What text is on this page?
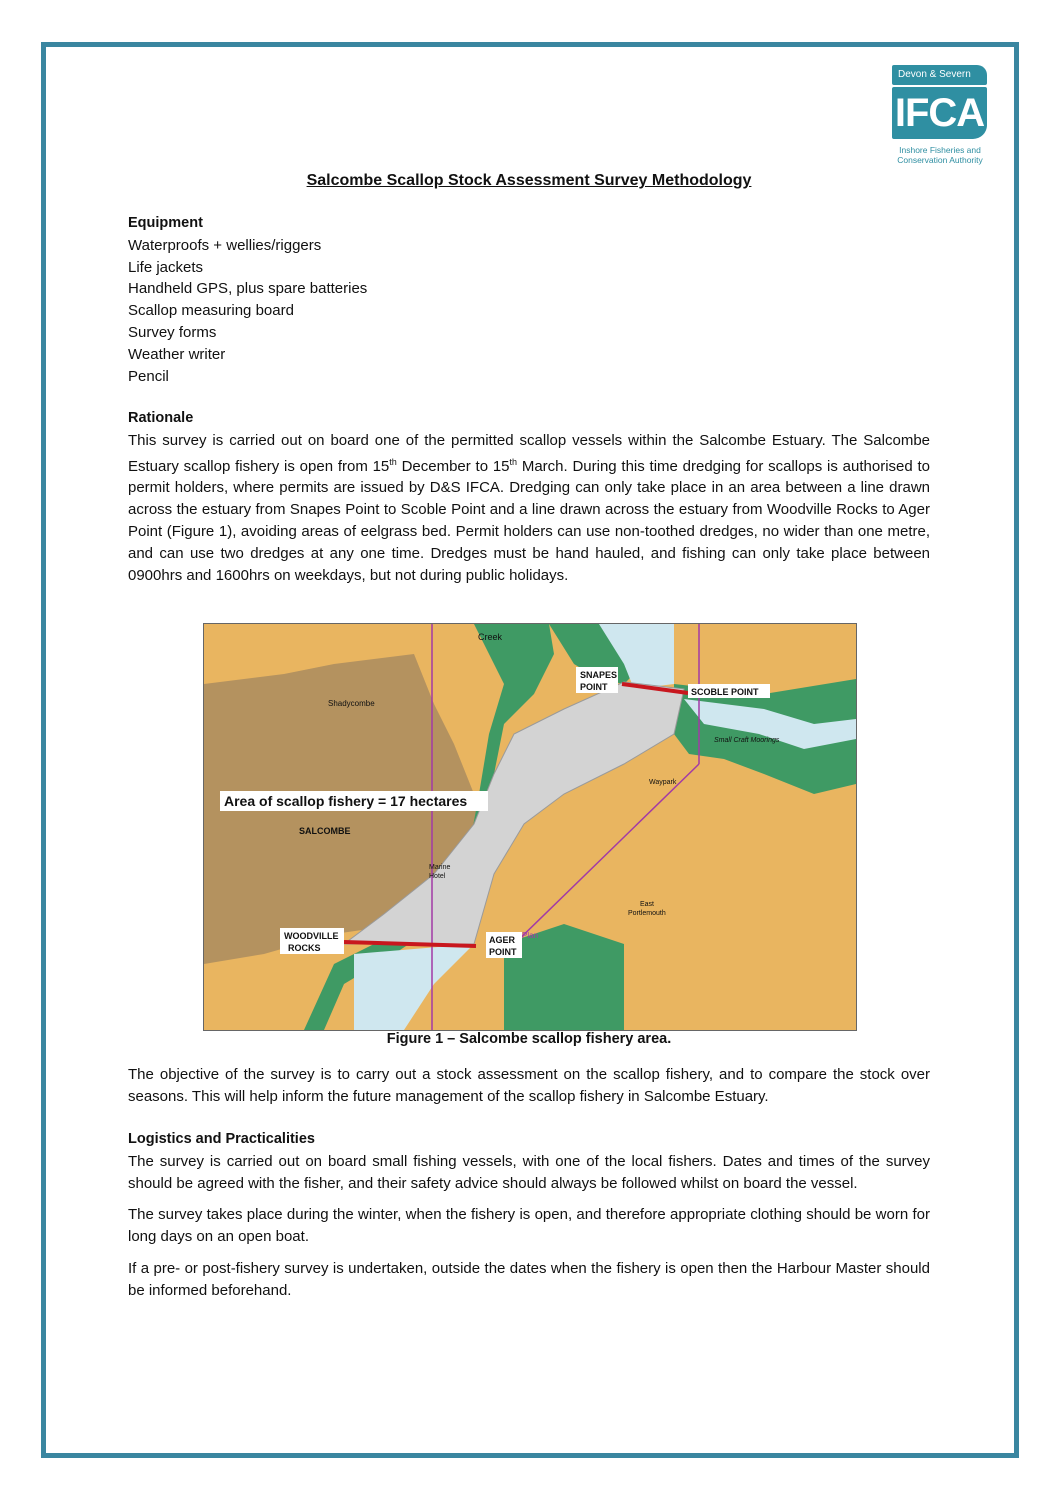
Devon & Severn
IFCA
Inshore Fisheries and
Conservation Authority
Salcombe Scallop Stock Assessment Survey Methodology
Equipment
Waterproofs + wellies/riggers
Life jackets
Handheld GPS, plus spare batteries
Scallop measuring board
Survey forms
Weather writer
Pencil
Rationale

This survey is carried out on board one of the permitted scallop vessels within the Salcombe Estuary. The Salcombe Estuary scallop fishery is open from 15th December to 15th March. During this time dredging for scallops is authorised to permit holders, where permits are issued by D&S IFCA. Dredging can only take place in an area between a line drawn across the estuary from Snapes Point to Scoble Point and a line drawn across the estuary from Woodville Rocks to Ager Point (Figure 1), avoiding areas of eelgrass bed. Permit holders can use non-toothed dredges, no wider than one metre, and can use two dredges at any one time. Dredges must be hand hauled, and fishing can only take place between 0900hrs and 1600hrs on weekdays, but not during public holidays.

Shadycombe
SALCOMBE
Marine
Hotel
Creek
Small Craft Moorings
Waypark
East
Portlemouth
Plan
Area of scallop fishery = 17 hectares
SNAPES
POINT	SCOBLE POINT
WOODVILLE
ROCKS
AGER
POINT
Figure 1 – Salcombe scallop fishery area.

The objective of the survey is to carry out a stock assessment on the scallop fishery, and to compare the stock over seasons. This will help inform the future management of the scallop fishery in Salcombe Estuary.

Logistics and Practicalities

The survey is carried out on board small fishing vessels, with one of the local fishers. Dates and times of the survey should be agreed with the fisher, and their safety advice should always be followed whilst on board the vessel.

The survey takes place during the winter, when the fishery is open, and therefore appropriate clothing should be worn for long days on an open boat.

If a pre- or post-fishery survey is undertaken, outside the dates when the fishery is open then the Harbour Master should be informed beforehand.
